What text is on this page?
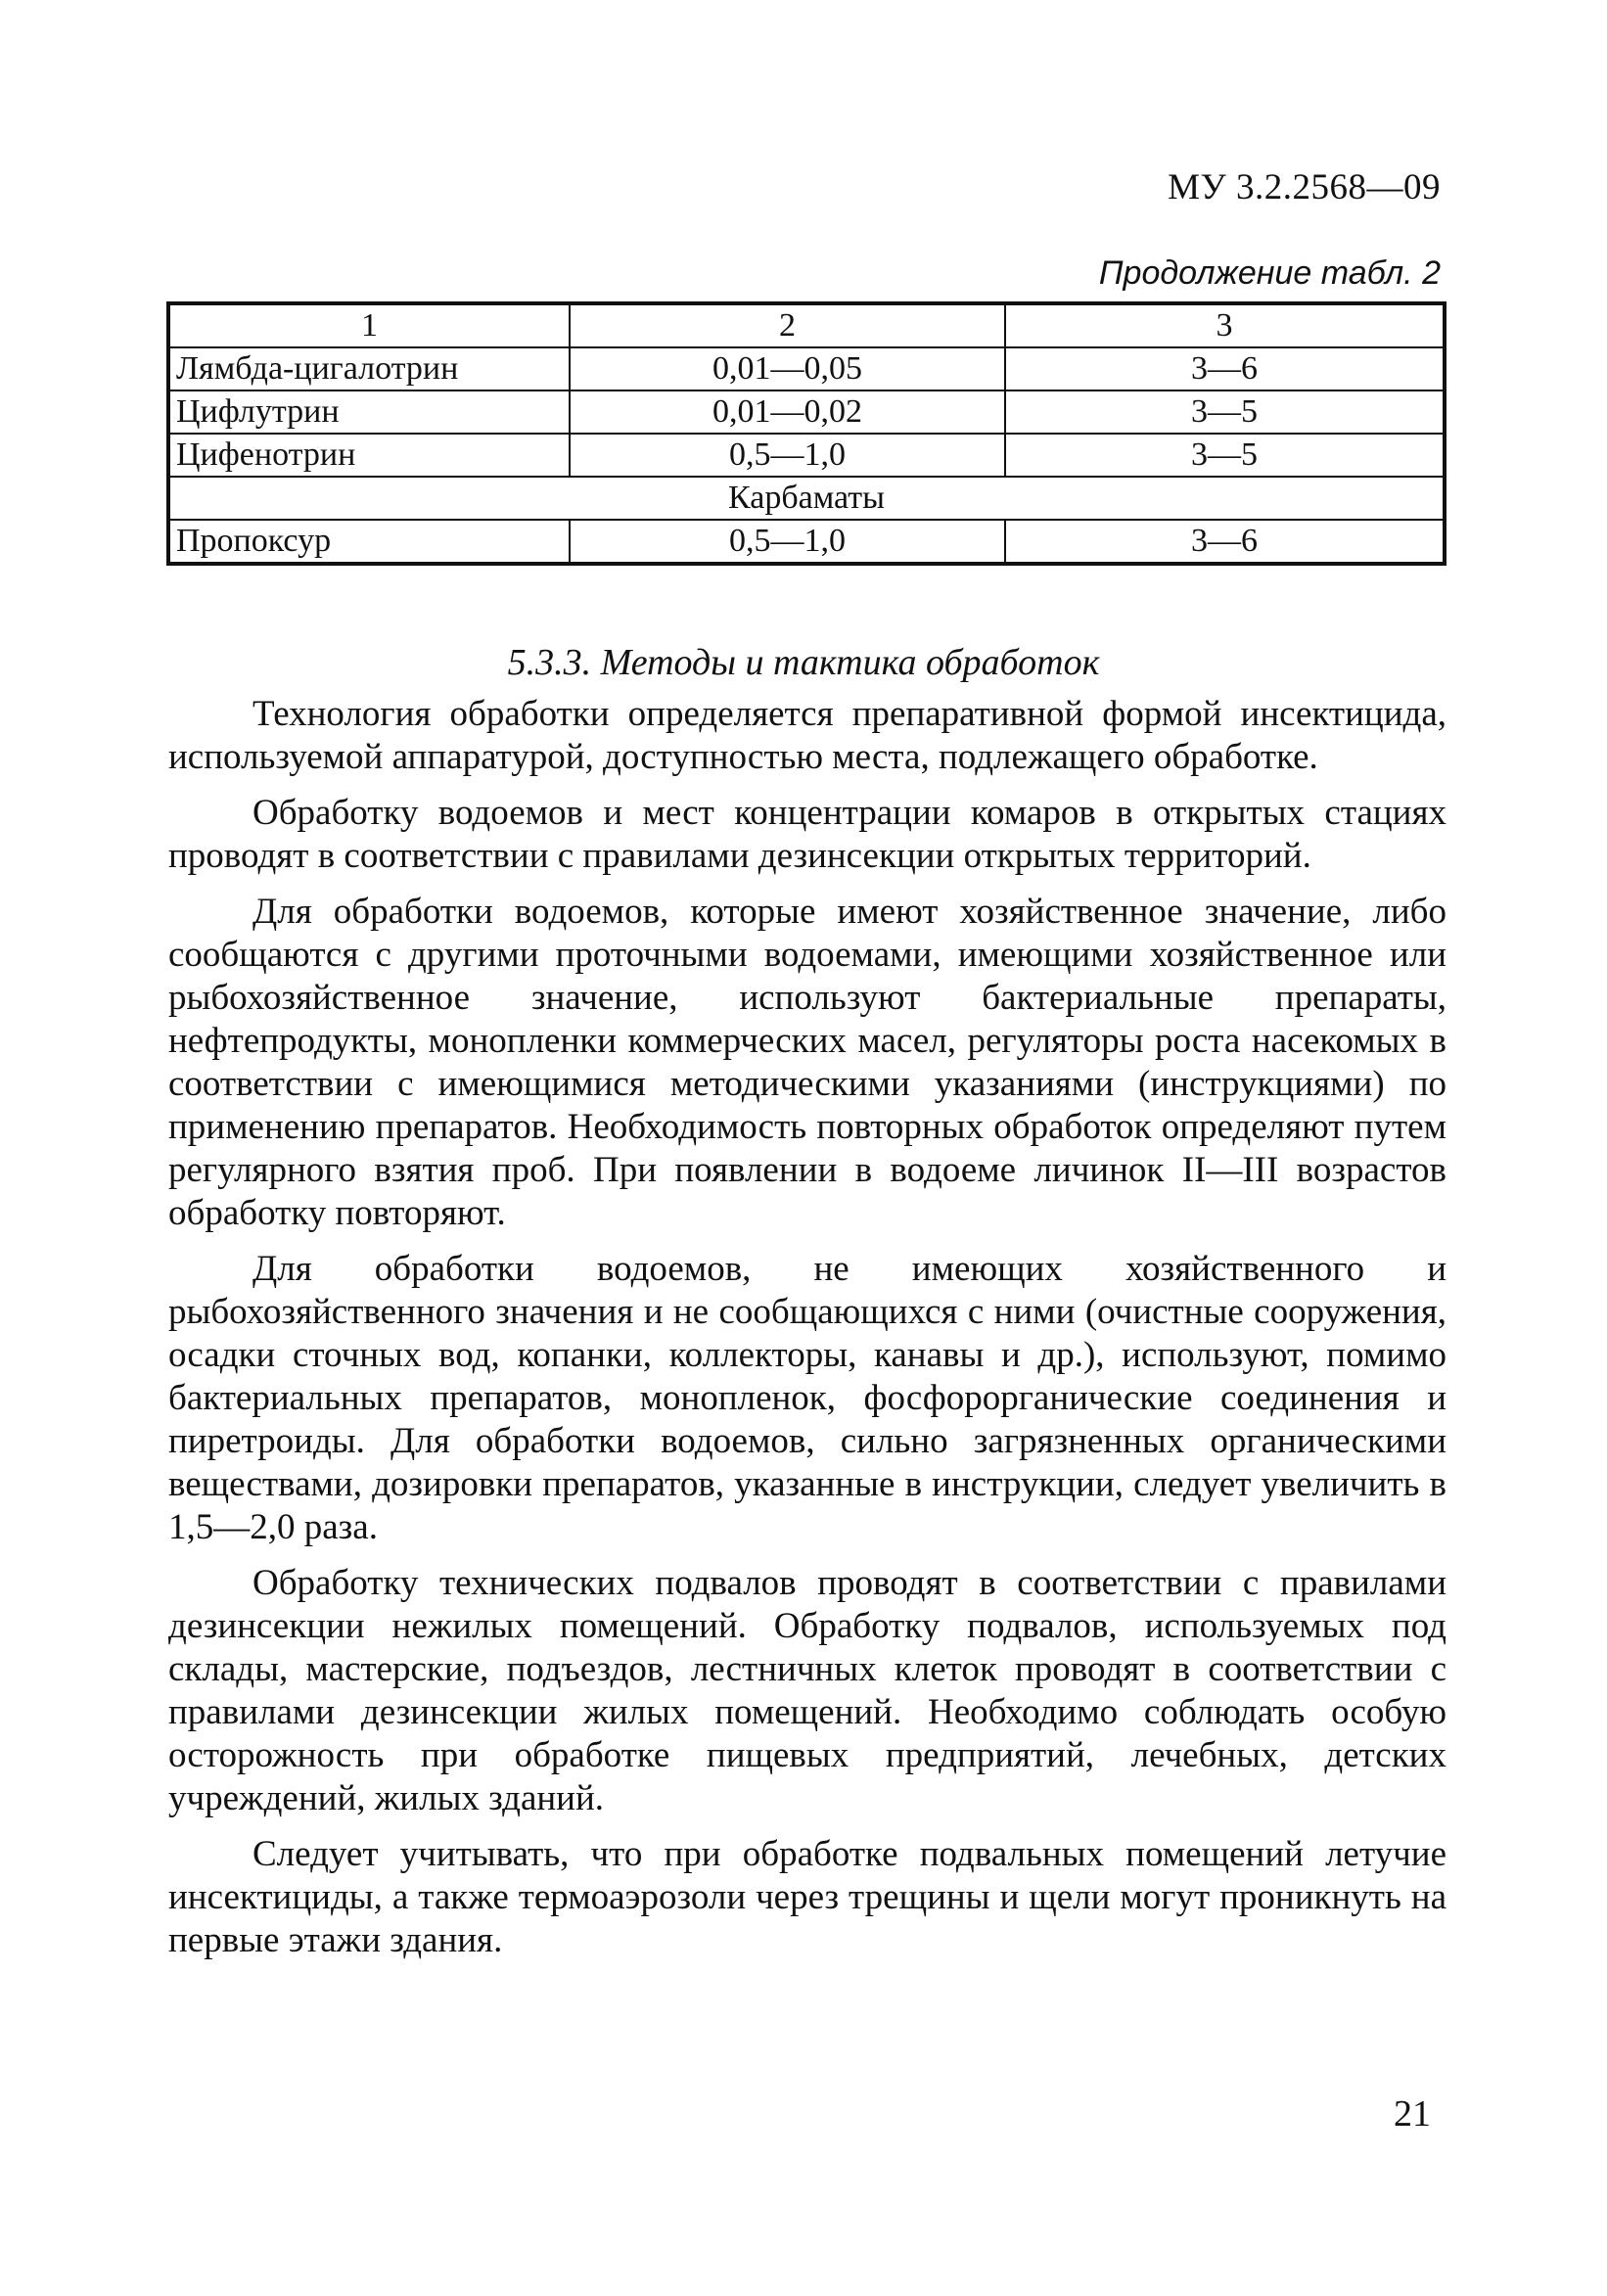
МУ 3.2.2568—09
Продолжение табл. 2
1	2	3
Лямбда-цигалотрин	0,01—0,05	3—6
Цифлутрин	0,01—0,02	3—5
Цифенотрин	0,5—1,0	3—5
Карбаматы		
Пропоксур	0,5—1,0	3—6
5.3.3. Методы и тактика обработок

Технология обработки определяется препаративной формой инсектицида, используемой аппаратурой, доступностью места, подлежащего обработке.

Обработку водоемов и мест концентрации комаров в открытых стациях проводят в соответствии с правилами дезинсекции открытых территорий.

Для обработки водоемов, которые имеют хозяйственное значение, либо сообщаются с другими проточными водоемами, имеющими хозяйственное или рыбохозяйственное значение, используют бактериальные препараты, нефтепродукты, монопленки коммерческих масел, регуляторы роста насекомых в соответствии с имеющимися методическими указаниями (инструкциями) по применению препаратов. Необходимость повторных обработок определяют путем регулярного взятия проб. При появлении в водоеме личинок II—III возрастов обработку повторяют.

Для обработки водоемов, не имеющих хозяйственного и рыбохозяйственного значения и не сообщающихся с ними (очистные сооружения, осадки сточных вод, копанки, коллекторы, канавы и др.), используют, помимо бактериальных препаратов, монопленок, фосфорорганические соединения и пиретроиды. Для обработки водоемов, сильно загрязненных органическими веществами, дозировки препаратов, указанные в инструкции, следует увеличить в 1,5—2,0 раза.

Обработку технических подвалов проводят в соответствии с правилами дезинсекции нежилых помещений. Обработку подвалов, используемых под склады, мастерские, подъездов, лестничных клеток проводят в соответствии с правилами дезинсекции жилых помещений. Необходимо соблюдать особую осторожность при обработке пищевых предприятий, лечебных, детских учреждений, жилых зданий.

Следует учитывать, что при обработке подвальных помещений летучие инсектициды, а также термоаэрозоли через трещины и щели могут проникнуть на первые этажи здания.

21
